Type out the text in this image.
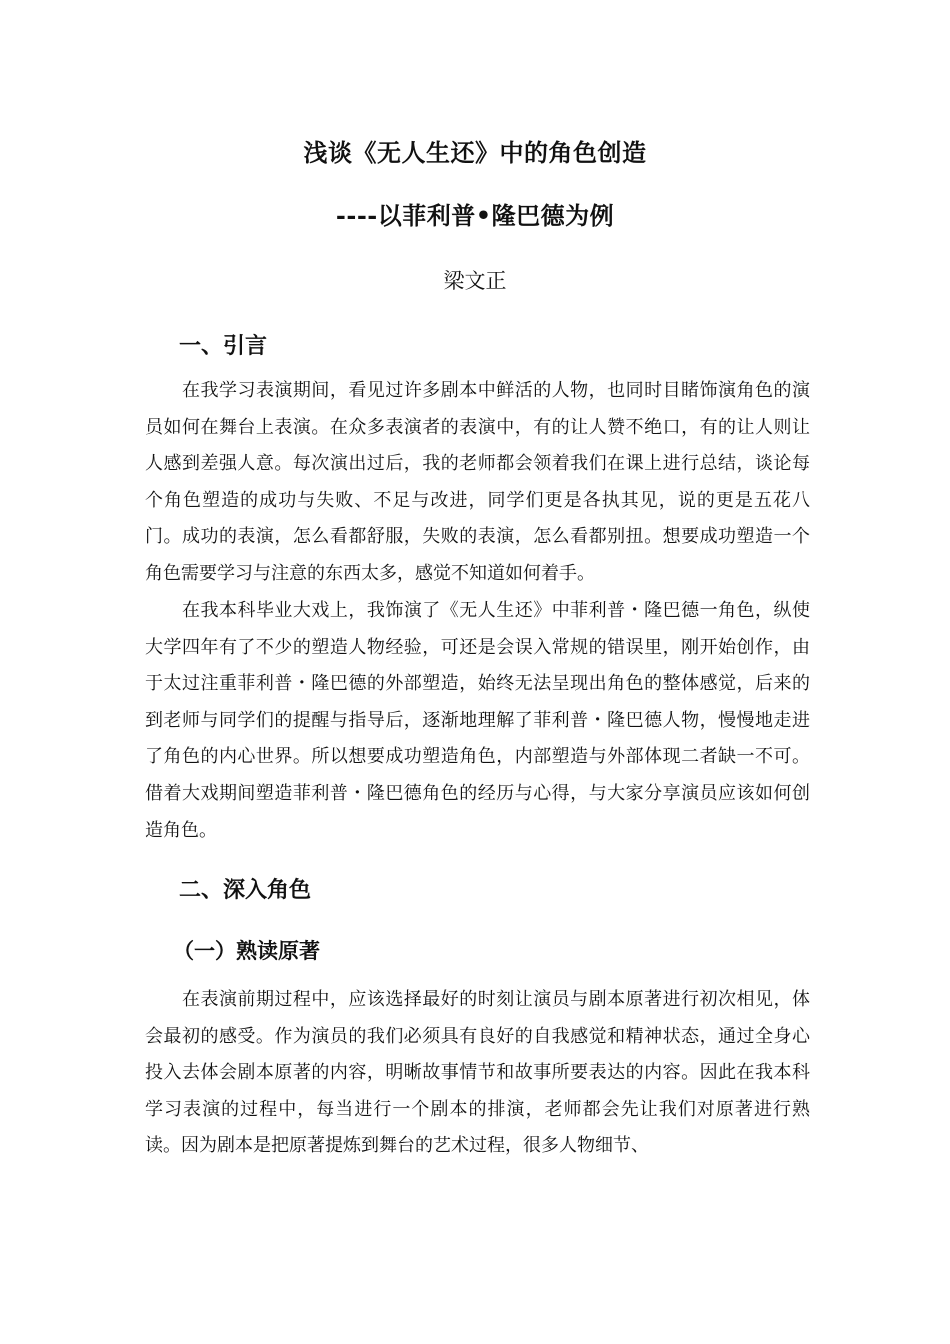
浅谈《无人生还》中的角色创造
----以菲利普•隆巴德为例
梁文正
一、引言

在我学习表演期间，看见过许多剧本中鲜活的人物，也同时目睹饰演角色的演员如何在舞台上表演。在众多表演者的表演中，有的让人赞不绝口，有的让人则让人感到差强人意。每次演出过后，我的老师都会领着我们在课上进行总结，谈论每个角色塑造的成功与失败、不足与改进，同学们更是各执其见，说的更是五花八门。成功的表演，怎么看都舒服，失败的表演，怎么看都别扭。想要成功塑造一个角色需要学习与注意的东西太多，感觉不知道如何着手。

在我本科毕业大戏上，我饰演了《无人生还》中菲利普・隆巴德一角色，纵使大学四年有了不少的塑造人物经验，可还是会误入常规的错误里，刚开始创作，由于太过注重菲利普・隆巴德的外部塑造，始终无法呈现出角色的整体感觉，后来的到老师与同学们的提醒与指导后，逐渐地理解了菲利普・隆巴德人物，慢慢地走进了角色的内心世界。所以想要成功塑造角色，内部塑造与外部体现二者缺一不可。借着大戏期间塑造菲利普・隆巴德角色的经历与心得，与大家分享演员应该如何创造角色。

二、深入角色
（一）熟读原著

在表演前期过程中，应该选择最好的时刻让演员与剧本原著进行初次相见，体会最初的感受。作为演员的我们必须具有良好的自我感觉和精神状态，通过全身心投入去体会剧本原著的内容，明晰故事情节和故事所要表达的内容。因此在我本科学习表演的过程中，每当进行一个剧本的排演，老师都会先让我们对原著进行熟读。因为剧本是把原著提炼到舞台的艺术过程，很多人物细节、
